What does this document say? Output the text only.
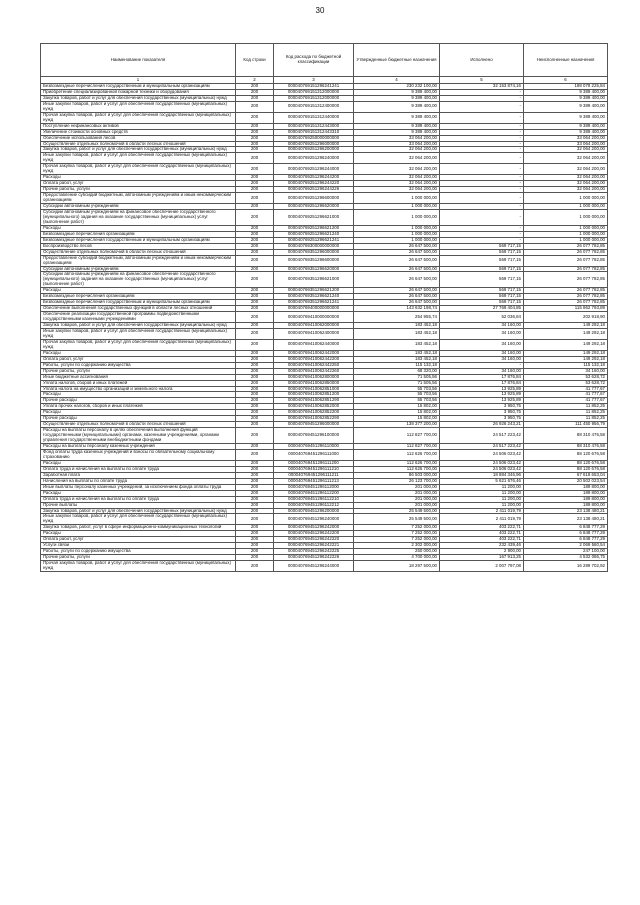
30
Наименование показателя	Код строки	Код расхода по бюджетной классификации	Утвержденные бюджетные назначения	Исполнено	Неисполненные назначения
1	2	3	4	5	6
Безвозмездные перечисления государственным и муниципальным организациям	200	000040769151296241241	230 232 100,00	32 153 874,16	198 078 225,84
Приобретение специализированной пожарной техники и оборудования	200	000040769151312000000	9 389 400,00	-	9 389 400,00
Закупка товаров, работ и услуг для обеспечения государственных (муниципальных) нужд	200	000040769151312000000	9 389 400,00	-	9 389 400,00
Иные закупки товаров, работ и услуг для обеспечения государственных (муниципальных) нужд	200	000040769151312400000	9 389 400,00	-	9 389 400,00
Прочая закупка товаров, работ и услуг для обеспечения государственных (муниципальных) нужд	200	000040769151312440000	9 389 400,00	-	9 389 400,00
Поступление нефинансовых активов	200	000040769151312443000	9 389 400,00	-	9 389 400,00
Увеличение стоимости основных средств	200	000040769151312443310	9 389 400,00	-	9 389 400,00
Обеспечение использования лесов	200	000040769250000000000	33 064 200,00	-	33 064 200,00
Осуществление отдельных полномочий в области лесных отношений	200	000040769251296000000	33 064 200,00	-	33 064 200,00
Закупка товаров, работ и услуг для обеспечения государственных (муниципальных) нужд	200	000040769251296200000	32 064 200,00	-	32 064 200,00
Иные закупки товаров, работ и услуг для обеспечения государственных (муниципальных) нужд	200	000040769251296240000	32 064 200,00	-	32 064 200,00
Прочая закупка товаров, работ и услуг для обеспечения государственных (муниципальных) нужд	200	000040769251296244000	32 064 200,00	-	32 064 200,00
Расходы	200	000040769251296244200	32 064 200,00	-	32 064 200,00
Оплата работ, услуг	200	000040769251296244220	32 064 200,00	-	32 064 200,00
Прочие работы, услуги	200	000040769251296244226	32 064 200,00	-	32 064 200,00
Предоставление субсидий бюджетным, автономным учреждениям и иным некоммерческим организациям	200	000040769251296600000	1 000 000,00	-	1 000 000,00
Субсидии автономным учреждениям	200	000040769251296620000	1 000 000,00	-	1 000 000,00
Субсидии автономным учреждениям на финансовое обеспечение государственного (муниципального) задания на оказание государственных (муниципальных) услуг (выполнение работ)	200	000040769251296621000	1 000 000,00	-	1 000 000,00
Расходы	200	000040769251296621200	1 000 000,00	-	1 000 000,00
Безвозмездные перечисления организациям	200	000040769251296621240	1 000 000,00	-	1 000 000,00
Безвозмездные перечисления государственным и муниципальным организациям	200	000040769251296621241	1 000 000,00	-	1 000 000,00
Воспроизводство лесов	200	000040769300000000000	26 647 500,00	569 717,15	26 077 782,85
Осуществление отдельных полномочий в области лесных отношений	200	000040769351296000000	26 647 500,00	569 717,15	26 077 782,85
Предоставление субсидий бюджетным, автономным учреждениям и иным некоммерческим организациям	200	000040769351296600000	26 647 500,00	569 717,15	26 077 782,85
Субсидии автономным учреждениям	200	000040769351296620000	26 647 500,00	569 717,15	26 077 782,85
Субсидии автономным учреждениям на финансовое обеспечение государственного (муниципального) задания на оказание государственных (муниципальных) услуг (выполнение работ)	200	000040769351296621000	26 647 500,00	569 717,15	26 077 782,85
Расходы	200	000040769351296621200	26 647 500,00	569 717,15	26 077 782,85
Безвозмездные перечисления организациям	200	000040769351296621240	26 647 500,00	569 717,15	26 077 782,85
Безвозмездные перечисления государственным и муниципальным организациям	200	000040769351296621241	26 647 500,00	569 717,15	26 077 782,85
Обеспечение выполнения государственных функций в области лесных отношений	200	000040769400000000000	143 632 198,74	27 769 404,85	115 862 793,89
Обеспечение реализации государственной программы подведомственными государственными казенными учреждениями	200	000040769410000000000	254 955,74	52 036,84	202 918,90
Закупка товаров, работ и услуг для обеспечения государственных (муниципальных) нужд	200	000040769410062000000	183 452,18	34 160,00	149 292,18
Иные закупки товаров, работ и услуг для обеспечения государственных (муниципальных) нужд	200	000040769410062400000	183 452,18	34 160,00	149 292,18
Прочая закупка товаров, работ и услуг для обеспечения государственных (муниципальных) нужд	200	000040769410062440000	183 452,18	34 160,00	149 292,18
Расходы	200	000040769410062442000	183 452,18	34 160,00	149 292,18
Оплата работ, услуг	200	000040769410062442200	183 452,18	34 160,00	149 292,18
Работы, услуги по содержанию имущества	200	000040769410062442250	115 132,18	-	115 132,18
Прочие работы, услуги	200	000040769410062442260	68 320,00	34 160,00	34 160,00
Иные бюджетные ассигнования	200	000040769410062800000	71 505,56	17 876,84	53 628,72
Уплата налогов, сборов и иных платежей	200	000040769410062850000	71 505,56	17 876,84	53 628,72
Уплата налога на имущество организаций и земельного налога	200	000040769410062851000	55 703,56	13 925,89	41 777,67
Расходы	200	000040769410062851200	55 703,56	13 925,89	41 777,67
Прочие расходы	200	000040769410062851290	55 703,56	13 925,89	41 777,67
Уплата прочих налогов, сборов и иных платежей	200	000040769410062852000	15 802,00	3 950,75	11 852,25
Расходы	200	000040769410062852200	15 802,00	3 950,75	11 852,25
Прочие расходы	200	000040769410062852290	15 802,00	3 950,75	11 852,25
Осуществление отдельных полномочий в области лесных отношений	200	000040769451296000000	138 377 200,00	26 926 243,21	111 450 956,79
Расходы на выплаты персоналу в целях обеспечения выполнения функций государственными (муниципальными) органами, казенными учреждениями, органами управления государственными внебюджетными фондами	200	000040769451296100000	112 827 700,00	24 517 223,42	88 310 476,58
Расходы на выплаты персоналу казенных учреждений	200	000040769451296110000	112 827 700,00	24 517 223,42	88 310 476,58
Фонд оплаты труда казенных учреждений и взносы по обязательному социальному страхованию	200	000040769451296111000	112 626 700,00	24 506 023,42	88 120 676,58
Расходы	200	000040769451296111200	112 626 700,00	24 506 023,42	88 120 676,58
Оплата труда и начисления на выплаты по оплате труда	200	000040769451296111210	112 626 700,00	24 506 023,42	88 120 676,58
Заработная плата	200	000040769451296111211	86 503 000,00	18 884 346,96	67 618 653,04
Начисления на выплаты по оплате труда	200	000040769451296111213	26 123 700,00	5 621 676,46	20 502 023,54
Иные выплаты персоналу казенных учреждений, за исключением фонда оплаты труда	200	000040769451296112000	201 000,00	11 200,00	189 800,00
Расходы	200	000040769451296112200	201 000,00	11 200,00	189 800,00
Оплата труда и начисления на выплаты по оплате труда	200	000040769451296112210	201 000,00	11 200,00	189 800,00
Прочие выплаты	200	000040769451296112212	201 000,00	11 200,00	189 800,00
Закупка товаров, работ и услуг для обеспечения государственных (муниципальных) нужд	200	000040769451296200000	25 549 500,00	2 411 019,79	23 138 480,21
Иные закупки товаров, работ и услуг для обеспечения государственных (муниципальных) нужд	200	000040769451296240000	25 549 500,00	2 411 019,79	23 138 480,21
Закупка товаров, работ, услуг в сфере информационно-коммуникационных технологий	200	000040769451296242000	7 252 000,00	403 222,71	6 848 777,29
Расходы	200	000040769451296242200	7 252 000,00	403 222,71	6 848 777,29
Оплата работ, услуг	200	000040769451296242220	7 252 000,00	403 222,71	6 848 777,29
Услуги связи	200	000040769451296242221	2 302 000,00	232 439,46	2 069 560,54
Работы, услуги по содержанию имущества	200	000040769451296242225	250 000,00	2 900,00	247 100,00
Прочие работы, услуги	200	000040769451296242226	4 700 000,00	167 913,25	4 532 086,75
Прочая закупка товаров, работ и услуг для обеспечения государственных (муниципальных) нужд	200	000040769451296244000	18 297 500,00	2 007 797,08	16 289 702,92
